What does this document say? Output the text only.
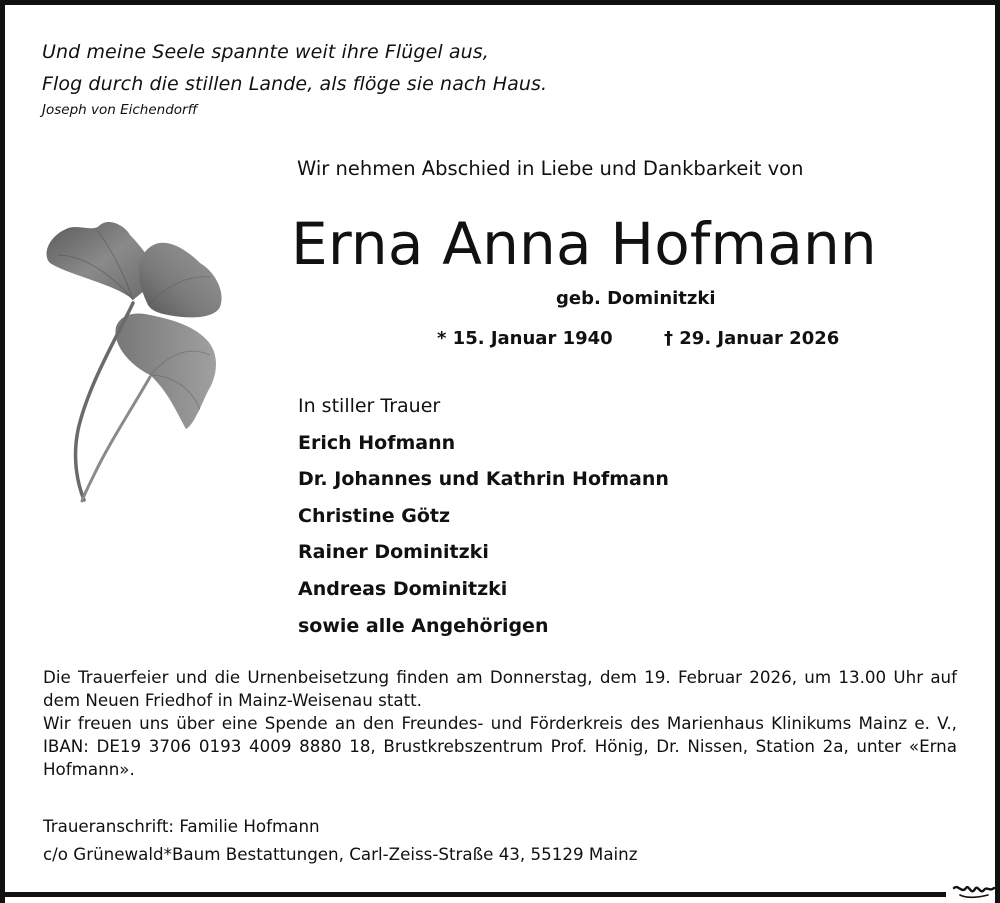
Und meine Seele spannte weit ihre Flügel aus,
Flog durch die stillen Lande, als flöge sie nach Haus.
Joseph von Eichendorff
Wir nehmen Abschied in Liebe und Dankbarkeit von
Erna Anna Hofmann
geb. Dominitzki
* 15. Januar 1940	† 29. Januar 2026
In stiller Trauer
Erich Hofmann
Dr. Johannes und Kathrin Hofmann
Christine Götz
Rainer Dominitzki
Andreas Dominitzki
sowie alle Angehörigen
Die Trauerfeier und die Urnenbeisetzung finden am Donnerstag, dem 19. Februar 2026, um 13.00 Uhr auf dem Neuen Friedhof in Mainz-Weisenau statt.
Wir freuen uns über eine Spende an den Freundes- und Förderkreis des Marienhaus Klinikums Mainz e. V., IBAN: DE19 3706 0193 4009 8880 18, Brustkrebszentrum Prof. Hönig, Dr. Nissen, Station 2a, unter «Erna Hofmann».
Traueranschrift: Familie Hofmann
c/o Grünewald*Baum Bestattungen, Carl-Zeiss-Straße 43, 55129 Mainz
